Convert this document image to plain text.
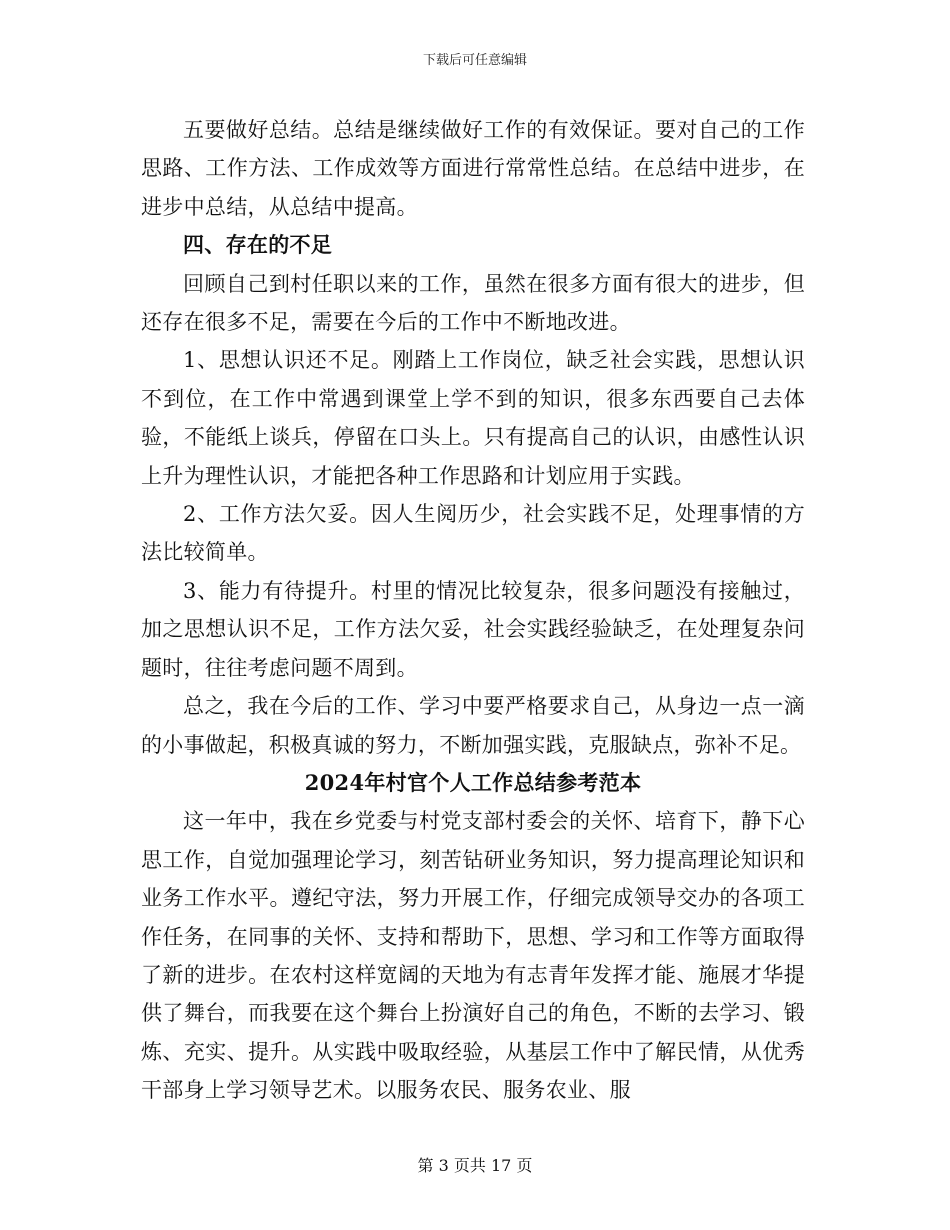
下载后可任意编辑

五要做好总结。总结是继续做好工作的有效保证。要对自己的工作思路、工作方法、工作成效等方面进行常常性总结。在总结中进步，在进步中总结，从总结中提高。

四、存在的不足

回顾自己到村任职以来的工作，虽然在很多方面有很大的进步，但还存在很多不足，需要在今后的工作中不断地改进。

1、思想认识还不足。刚踏上工作岗位，缺乏社会实践，思想认识不到位，在工作中常遇到课堂上学不到的知识，很多东西要自己去体验，不能纸上谈兵，停留在口头上。只有提高自己的认识，由感性认识上升为理性认识，才能把各种工作思路和计划应用于实践。

2、工作方法欠妥。因人生阅历少，社会实践不足，处理事情的方法比较简单。

3、能力有待提升。村里的情况比较复杂，很多问题没有接触过，加之思想认识不足，工作方法欠妥，社会实践经验缺乏，在处理复杂问题时，往往考虑问题不周到。

总之，我在今后的工作、学习中要严格要求自己，从身边一点一滴的小事做起，积极真诚的努力，不断加强实践，克服缺点，弥补不足。

2024年村官个人工作总结参考范本

这一年中，我在乡党委与村党支部村委会的关怀、培育下，静下心思工作，自觉加强理论学习，刻苦钻研业务知识，努力提高理论知识和业务工作水平。遵纪守法，努力开展工作，仔细完成领导交办的各项工作任务，在同事的关怀、支持和帮助下，思想、学习和工作等方面取得了新的进步。在农村这样宽阔的天地为有志青年发挥才能、施展才华提供了舞台，而我要在这个舞台上扮演好自己的角色，不断的去学习、锻炼、充实、提升。从实践中吸取经验，从基层工作中了解民情，从优秀干部身上学习领导艺术。以服务农民、服务农业、服

第 3 页共 17 页
